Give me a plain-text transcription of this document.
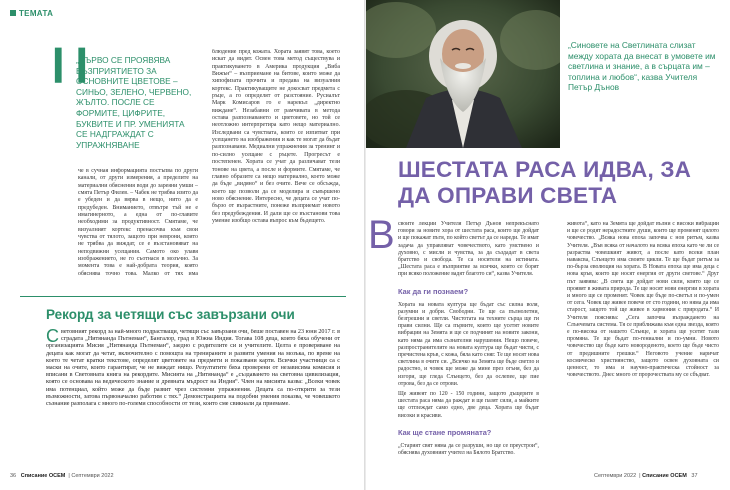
ТЕМАТА
❙❙
„ПЪРВО СЕ ПРОЯВЯВА ВЪЗПРИЯТИЕТО ЗА ОСНОВНИТЕ ЦВЕТОВЕ – СИНЬО, ЗЕЛЕНО, ЧЕРВЕНО, ЖЪЛТО. ПОСЛЕ СЕ ФОРМИТЕ, ЦИФРИТЕ, БУКВИТЕ И ПР. УМЕНИЯТА СЕ НАДГРАЖДАТ С УПРАЖНЯВАНЕ
че в сучная информацията постъпва по други канали, от други измерения, а пределите на материални обяснения води до зареяни умши – смята Петър Филев. – Чабек не трябва изито да е убеден и да вярва в нещо, нито да е предубеден. Вниманието, отвътре тъй не е имагинерното, а една от по-главите необходими за продуктивност. Смятаме, че визуалният кортекс пренасочва към свои чувства от тялото, защото при неврони, които не трябва да виждат, се е възстановяват на неподвижни усещания. Самото око улавя изображението, не го съотнася в мозъчно. За момента това е най-добрата теория, която обяснява точно това. Малко от тях има
блюдение пред кожата. Хората заявят това, което искат да видят. Освен това метод съществува и практикуването в Америка продукция „Виба Вижън“ – възприемане на битове, които може да хипофизата прочита и предава на визуалния кортекс. Практикуващите не докосват предмета с ръце, а го определят от разстояние. Русиалът Марк Комисаров го е нарекъл „директно виждане“. Незабавни от рамчивата в метода остава разпознаването и цветовете, но той се неотложно интерпретира като нещо материално. Изследвани са чувствата, които се изпитват при усещането на изображения и как те могат да бъдат разпознавани. Медиални упражнения за тренинг и по-силно усещане с ръцете. Прогресът е постепенен. Хората се учат да различават тези тонове на цвета, а после и формите. Смятаме, че главно образите са нещо материално, което може да бъде „видяно“ и без очите. Вече се обсъжда, което ще позволи да се моделира и съвършено ново обяснение. Интересно, че децата се учат по-бързо от възрастните, понеже възприемат новото без предубеждения. И дали ще се възстанови това умение изобщо остава въпрос към бъдещето.
Рекорд за четящи със завързани очи
Световният рекорд за най-много подрастващи, четящи със завързани очи, беше поставен на 23 юни 2017 г. в сградата „Нитянанда Пътнеман“, Бангалор, град в Южна Индия. Тогава 108 деца, които бяха обучени от организацията Мисия „Нитянанда Пътнеман“, заедно с родителите си и учителите. Целта е проверяване на децата как могат да четат, включително с помощта на тренираните и развити умения на мозъка, по време на което те четат кратки текстове, определят цветовете на предмети и показвани карти. Всички участници са с маски на очите, които гарантират, че не виждат нищо. Резултатите бяха проверени от независима комисия и вписани в Световната книга на рекордите. Мисията на „Нитянанда“ е „създаването на световна цивилизация, която се основава на ведическото знание и древната мъдрост на Индия“. Член на мисията казва: „Всеки човек има потенциал, който може да бъде развит чрез системни упражнения. Децата са по-открити за тези възможности, затова първоначално работим с тях.“ Демонстрацията на подобни умения показва, че човешкото съзнание разполага с много по-големи способности от тези, които сме свикнали да приемаме.
36 Списание ОСЕМ  | Септември 2022
„Синовете на Светлината слизат между хората да внесат в умовете им светлина и знание, а в сърцата им – топлина и любов“, казва Учителя Петър Дънов
ШЕСТАТА РАСА ИДВА, ЗА ДА ОПРАВИ СВЕТА
В своите лекции Учителя Петър Дънов непрекъснато говори за новите хора от шестата раса, които ще дойдат и ще покажат пътя, по който светът да се нареди. Те имат задача да управляват човечеството, като умствено и духовно, с мисли и чувства, за да създадат в света братство и свобода. Те са носители на истината. „Шестата раса е възприятие за всички, които се борят при всяко положение вадят благото си“, казва Учителя.
Как да ги познаем?
Хората на новата култура ще бъдат със силна воля, разумни и добри. Свободни. Те ще са пълнолетни, безгрешни и светли. Чистотата на техните сърца ще ги прави силни. Ще са първите, които ще усетят новите вибрации на Земята и ще се подчинят на новите закони, като няма да има съзнателни нарушения. Нещо повече, разпространителите на новата култура ще бъдат чисти, с пречистена кръв, с кожа, бяла като сняг. Те ще носят нова светлина в очите си. „Всичко на Земята ще бъде светло и радостно, и човек ще може да мине през огъня, без да изгори, ще гледа Слънцето, без да ослепее, ще пие отрова, без да се отрови.
Ще живеят по 120 - 150 години, защото дъщерите в шестата раса няма да раждат и ще пазят сили, а майките ще отглеждат само едно, две деца. Хората ще бъдат високи и красиви.
Как ще стане промяната?
„Старият свят няма да се разруши, но ще се преустрои“, обяснява духовният учител на Бялото Братство.
живота“, като на Земята ще дойдат вълни с високи вибрации и ще се родят нерадостните души, които ще променят цялото човечество. „Всяка нова епоха започва с нов ритъм, казва Учителя. „Във всяка от началото на всяка епоха като че ли се разраства човешкият живот, а после като всеки план наваксва, Слънцето има своите цикли. Те ще бъдат ритъм за по-бърза еволюция на хората. В Новата епоха ще има деца с нова кръв, които ще носят енергия от други светове.“ Друг път заявява: „В света ще дойдат нови сили, които ще се проявят в живата природа. Те ще носят нови енергии в хората и много ще се променят. Човек ще бъде по-светъл и по-умен от сега. Човек ще живее повече от сто години, но няма да има старост, защото той ще живее в хармония с природата.“ И Учителя пояснява: „Сега започва възраждането на Слънчевата система. Тя се приближава към една звезда, която е по-висока от нашето Слънце, и хората ще усетят тази промяна. Те ще бъдат по-гениални и по-умни. Новото човечество ще бъде като новороденото, което ще бъде чисто от предишните грешки.“ Неговото учение наричат космическо християнство, защото освен духовната си ценност, то има и научно-практическа стойност за човечеството. Днес много от пророчествата му се сбъдват.
Септември 2022  | Списание ОСЕМ 37
